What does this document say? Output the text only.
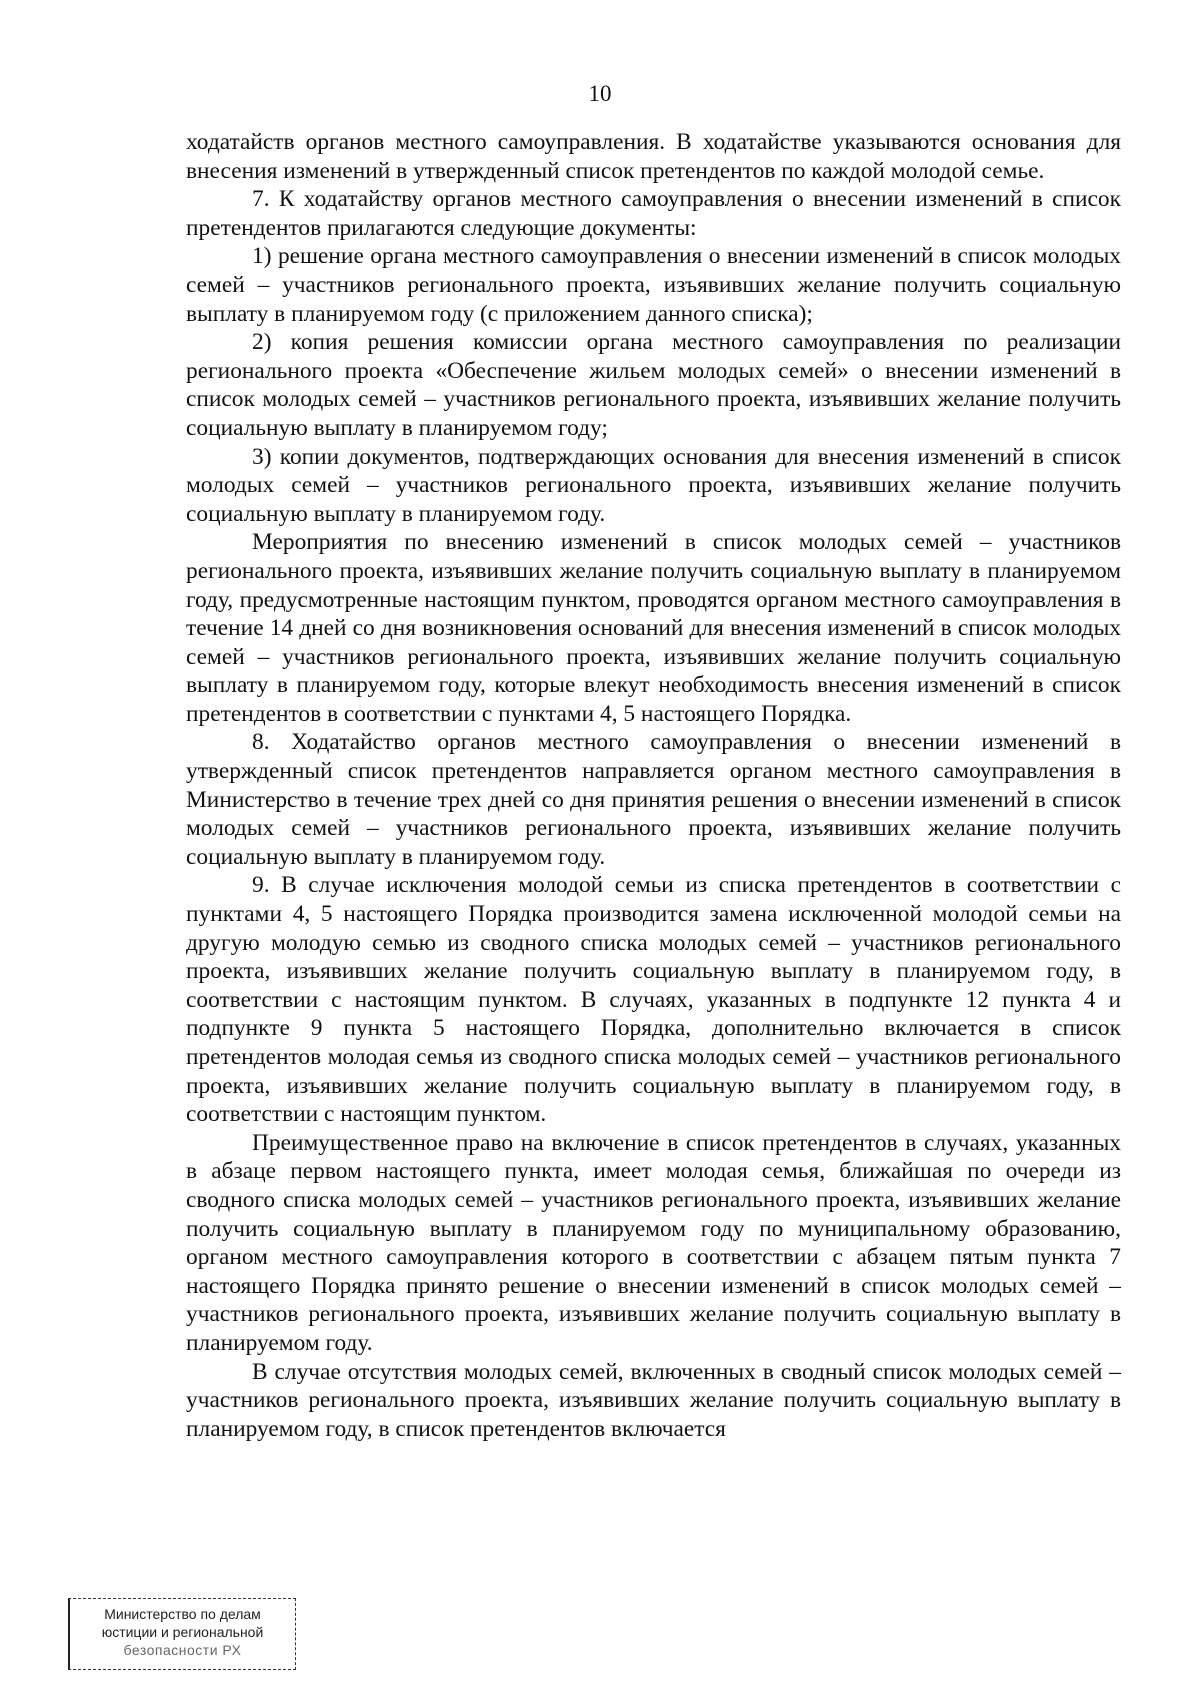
10

ходатайств органов местного самоуправления. В ходатайстве указываются основания для внесения изменений в утвержденный список претендентов по каждой молодой семье.

7. К ходатайству органов местного самоуправления о внесении изменений в список претендентов прилагаются следующие документы:

1) решение органа местного самоуправления о внесении изменений в список молодых семей – участников регионального проекта, изъявивших желание получить социальную выплату в планируемом году (с приложением данного списка);

2) копия решения комиссии органа местного самоуправления по реализации регионального проекта «Обеспечение жильем молодых семей» о внесении изменений в список молодых семей – участников регионального проекта, изъявивших желание получить социальную выплату в планируемом году;

3) копии документов, подтверждающих основания для внесения изменений в список молодых семей – участников регионального проекта, изъявивших желание получить социальную выплату в планируемом году.

Мероприятия по внесению изменений в список молодых семей – участников регионального проекта, изъявивших желание получить социальную выплату в планируемом году, предусмотренные настоящим пунктом, проводятся органом местного самоуправления в течение 14 дней со дня возникновения оснований для внесения изменений в список молодых семей – участников регионального проекта, изъявивших желание получить социальную выплату в планируемом году, которые влекут необходимость внесения изменений в список претендентов в соответствии с пунктами 4, 5 настоящего Порядка.

8. Ходатайство органов местного самоуправления о внесении изменений в утвержденный список претендентов направляется органом местного самоуправления в Министерство в течение трех дней со дня принятия решения о внесении изменений в список молодых семей – участников регионального проекта, изъявивших желание получить социальную выплату в планируемом году.

9. В случае исключения молодой семьи из списка претендентов в соответствии с пунктами 4, 5 настоящего Порядка производится замена исключенной молодой семьи на другую молодую семью из сводного списка молодых семей – участников регионального проекта, изъявивших желание получить социальную выплату в планируемом году, в соответствии с настоящим пунктом. В случаях, указанных в подпункте 12 пункта 4 и подпункте 9 пункта 5 настоящего Порядка, дополнительно включается в список претендентов молодая семья из сводного списка молодых семей – участников регионального проекта, изъявивших желание получить социальную выплату в планируемом году, в соответствии с настоящим пунктом.

Преимущественное право на включение в список претендентов в случаях, указанных в абзаце первом настоящего пункта, имеет молодая семья, ближайшая по очереди из сводного списка молодых семей – участников регионального проекта, изъявивших желание получить социальную выплату в планируемом году по муниципальному образованию, органом местного самоуправления которого в соответствии с абзацем пятым пункта 7 настоящего Порядка принято решение о внесении изменений в список молодых семей – участников регионального проекта, изъявивших желание получить социальную выплату в планируемом году.

В случае отсутствия молодых семей, включенных в сводный список молодых семей – участников регионального проекта, изъявивших желание получить социальную выплату в планируемом году, в список претендентов включается

Министерство по делам
юстиции и региональной
безопасности РХ
